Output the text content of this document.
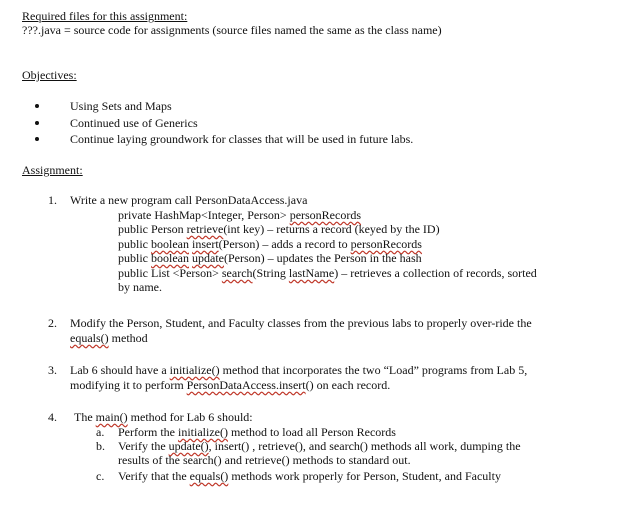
Required files for this assignment:
???.java = source code for assignments (source files named the same as the class name)
Objectives:
Using Sets and Maps
Continued use of Generics
Continue laying groundwork for classes that will be used in future labs.
Assignment:
1. Write a new program call PersonDataAccess.java
private HashMap<Integer, Person> personRecords
public Person retrieve(int key) – returns a record (keyed by the ID)
public boolean insert(Person) – adds a record to personRecords
public boolean update(Person) – updates the Person in the hash
public List <Person> search(String lastName) – retrieves a collection of records, sorted
by name.
2. Modify the Person, Student, and Faculty classes from the previous labs to properly over-ride the
equals() method
3. Lab 6 should have a initialize() method that incorporates the two “Load” programs from Lab 5,
modifying it to perform PersonDataAccess.insert() on each record.
4. The main() method for Lab 6 should:
a. Perform the initialize() method to load all Person Records
b. Verify the update(), insert() , retrieve(), and search() methods all work, dumping the
results of the search() and retrieve() methods to standard out.
c. Verify that the equals() methods work properly for Person, Student, and Faculty
